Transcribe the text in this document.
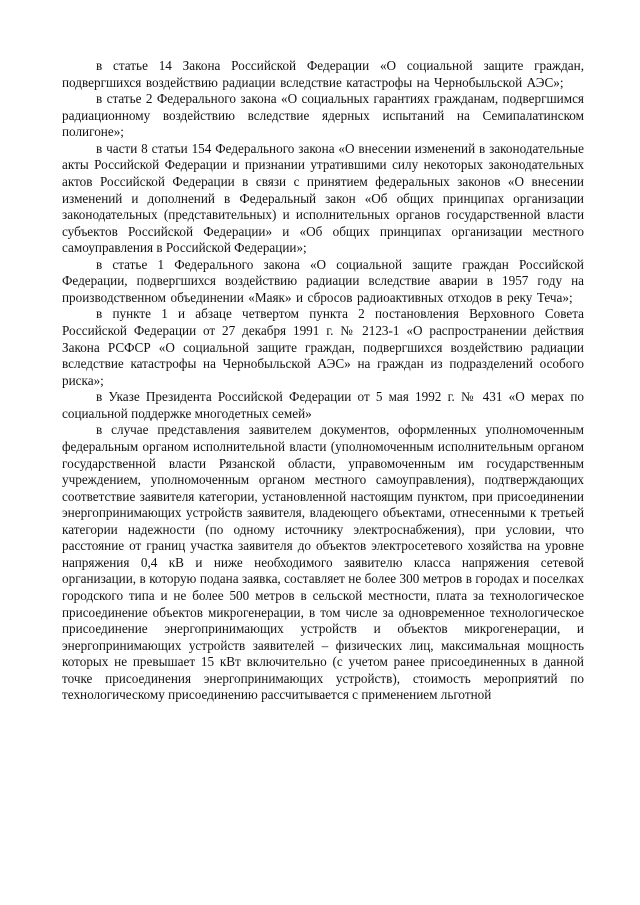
в статье 14 Закона Российской Федерации «О социальной защите граждан, подвергшихся воздействию радиации вследствие катастрофы на Чернобыльской АЭС»;

в статье 2 Федерального закона «О социальных гарантиях гражданам, подвергшимся радиационному воздействию вследствие ядерных испытаний на Семипалатинском полигоне»;

в части 8 статьи 154 Федерального закона «О внесении изменений в законодательные акты Российской Федерации и признании утратившими силу некоторых законодательных актов Российской Федерации в связи с принятием федеральных законов «О внесении изменений и дополнений в Федеральный закон «Об общих принципах организации законодательных (представительных) и исполнительных органов государственной власти субъектов Российской Федерации» и «Об общих принципах организации местного самоуправления в Российской Федерации»;

в статье 1 Федерального закона «О социальной защите граждан Российской Федерации, подвергшихся воздействию радиации вследствие аварии в 1957 году на производственном объединении «Маяк» и сбросов радиоактивных отходов в реку Теча»;

в пункте 1 и абзаце четвертом пункта 2 постановления Верховного Совета Российской Федерации от 27 декабря 1991 г. № 2123-1 «О распространении действия Закона РСФСР «О социальной защите граждан, подвергшихся воздействию радиации вследствие катастрофы на Чернобыльской АЭС» на граждан из подразделений особого риска»;

в Указе Президента Российской Федерации от 5 мая 1992 г. № 431 «О мерах по социальной поддержке многодетных семей»

в случае представления заявителем документов, оформленных уполномоченным федеральным органом исполнительной власти (уполномоченным исполнительным органом государственной власти Рязанской области, управомоченным им государственным учреждением, уполномоченным органом местного самоуправления), подтверждающих соответствие заявителя категории, установленной настоящим пунктом, при присоединении энергопринимающих устройств заявителя, владеющего объектами, отнесенными к третьей категории надежности (по одному источнику электроснабжения), при условии, что расстояние от границ участка заявителя до объектов электросетевого хозяйства на уровне напряжения 0,4 кВ и ниже необходимого заявителю класса напряжения сетевой организации, в которую подана заявка, составляет не более 300 метров в городах и поселках городского типа и не более 500 метров в сельской местности, плата за технологическое присоединение объектов микрогенерации, в том числе за одновременное технологическое присоединение энергопринимающих устройств и объектов микрогенерации, и энергопринимающих устройств заявителей – физических лиц, максимальная мощность которых не превышает 15 кВт включительно (с учетом ранее присоединенных в данной точке присоединения энергопринимающих устройств), стоимость мероприятий по технологическому присоединению рассчитывается с применением льготной
